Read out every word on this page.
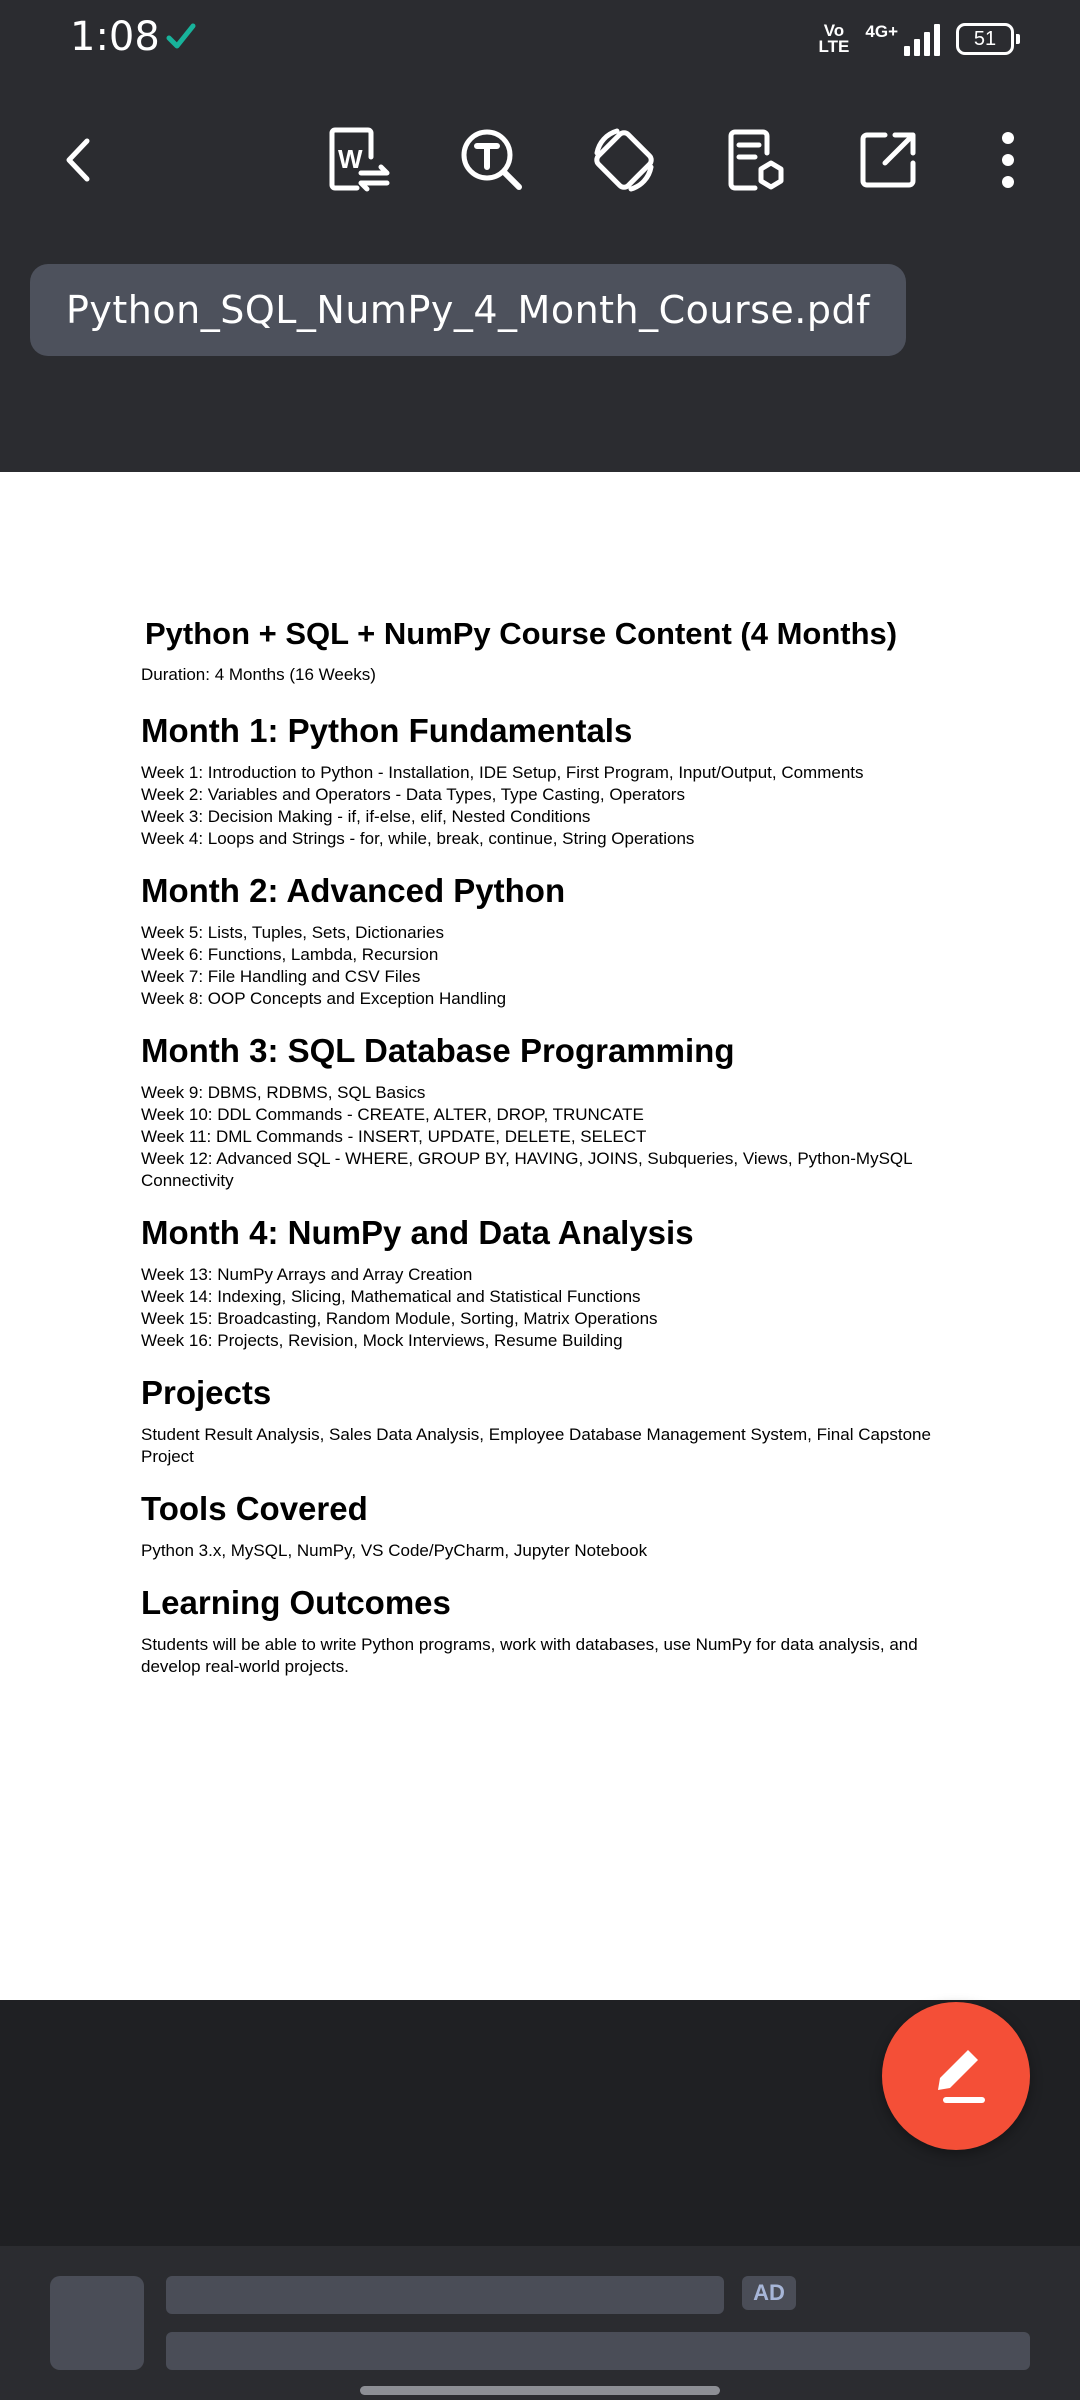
1:08	Vo
LTE
4G+	51
W
Python_SQL_NumPy_4_Month_Course.pdf
Python + SQL + NumPy Course Content (4 Months)
Duration: 4 Months (16 Weeks)
Month 1: Python Fundamentals
Week 1: Introduction to Python - Installation, IDE Setup, First Program, Input/Output, Comments
Week 2: Variables and Operators - Data Types, Type Casting, Operators
Week 3: Decision Making - if, if-else, elif, Nested Conditions
Week 4: Loops and Strings - for, while, break, continue, String Operations
Month 2: Advanced Python
Week 5: Lists, Tuples, Sets, Dictionaries
Week 6: Functions, Lambda, Recursion
Week 7: File Handling and CSV Files
Week 8: OOP Concepts and Exception Handling
Month 3: SQL Database Programming
Week 9: DBMS, RDBMS, SQL Basics
Week 10: DDL Commands - CREATE, ALTER, DROP, TRUNCATE
Week 11: DML Commands - INSERT, UPDATE, DELETE, SELECT
Week 12: Advanced SQL - WHERE, GROUP BY, HAVING, JOINS, Subqueries, Views, Python-MySQL Connectivity
Month 4: NumPy and Data Analysis
Week 13: NumPy Arrays and Array Creation
Week 14: Indexing, Slicing, Mathematical and Statistical Functions
Week 15: Broadcasting, Random Module, Sorting, Matrix Operations
Week 16: Projects, Revision, Mock Interviews, Resume Building
Projects
Student Result Analysis, Sales Data Analysis, Employee Database Management System, Final Capstone Project
Tools Covered
Python 3.x, MySQL, NumPy, VS Code/PyCharm, Jupyter Notebook
Learning Outcomes
Students will be able to write Python programs, work with databases, use NumPy for data analysis, and develop real-world projects.
AD
